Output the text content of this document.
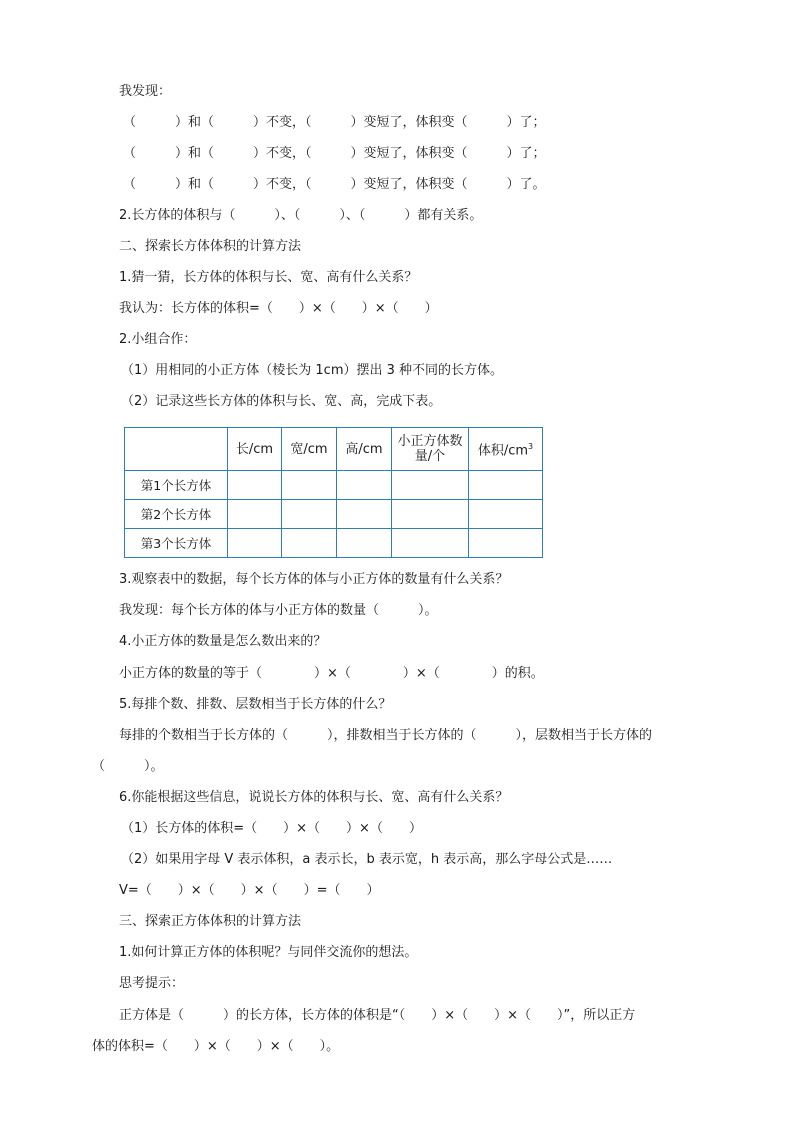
我发现：
（　　　）和（　　　）不变，（　　　）变短了，体积变（　　　）了；
（　　　）和（　　　）不变，（　　　）变短了，体积变（　　　）了；
（　　　）和（　　　）不变，（　　　）变短了，体积变（　　　）了。
2.长方体的体积与（　　　）、（　　　）、（　　　）都有关系。
二、探索长方体体积的计算方法
1.猜一猜，长方体的体积与长、宽、高有什么关系？
我认为：长方体的体积=（　　）×（　　）×（　　）
2.小组合作：
（1）用相同的小正方体（棱长为 1cm）摆出 3 种不同的长方体。
（2）记录这些长方体的体积与长、宽、高，完成下表。
	长/cm	宽/cm	高/cm	小正方体数量/个	体积$/cm^3$
第1个长方体					
第2个长方体					
第3个长方体					
3.观察表中的数据，每个长方体的体与小正方体的数量有什么关系？
我发现：每个长方体的体与小正方体的数量（　　　）。
4.小正方体的数量是怎么数出来的？
小正方体的数量的等于（　　　　）×（　　　　）×（　　　　）的积。
5.每排个数、排数、层数相当于长方体的什么？
每排的个数相当于长方体的（　　　），排数相当于长方体的（　　　），层数相当于长方体的
（　　　）。
6.你能根据这些信息，说说长方体的体积与长、宽、高有什么关系？
（1）长方体的体积=（　　）×（　　）×（　　）
（2）如果用字母 V 表示体积，a 表示长，b 表示宽，h 表示高，那么字母公式是……
V=（　　）×（　　）×（　　）=（　　）
三、探索正方体体积的计算方法
1.如何计算正方体的体积呢？与同伴交流你的想法。
思考提示：
正方体是（　　　）的长方体，长方体的体积是“（　　）×（　　）×（　　）”，所以正方
体的体积=（　　）×（　　）×（　　）。
